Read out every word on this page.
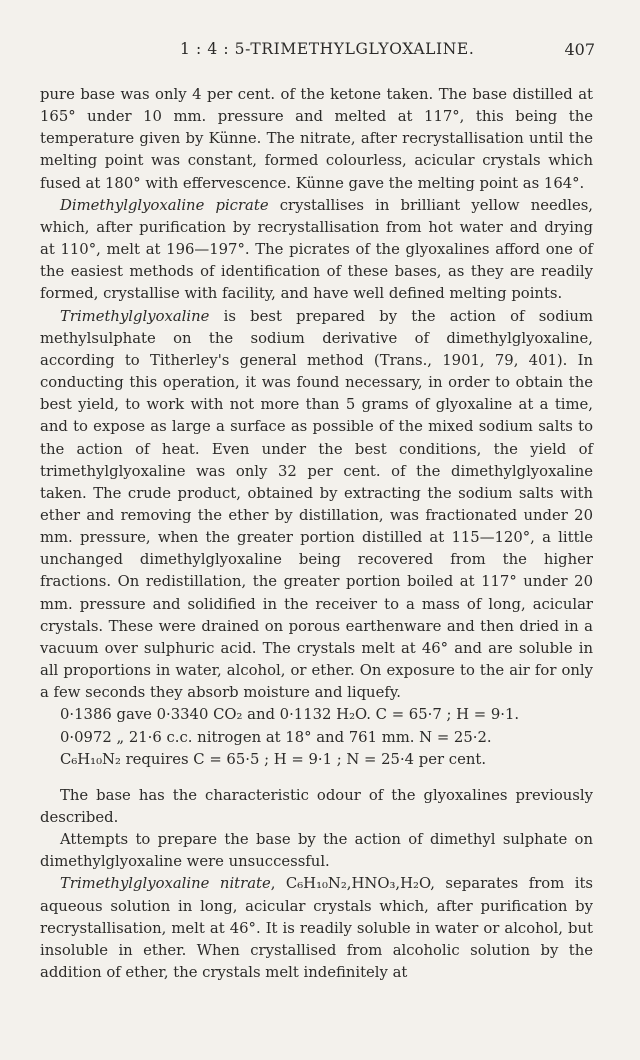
1 : 4 : 5-TRIMETHYLGLYOXALINE.	407

pure base was only 4 per cent. of the ketone taken. The base distilled at 165° under 10 mm. pressure and melted at 117°, this being the temperature given by Künne. The nitrate, after recrystallisation until the melting point was constant, formed colourless, acicular crystals which fused at 180° with effervescence. Künne gave the melting point as 164°.

Dimethylglyoxaline picrate crystallises in brilliant yellow needles, which, after purification by recrystallisation from hot water and drying at 110°, melt at 196—197°. The picrates of the glyoxalines afford one of the easiest methods of identification of these bases, as they are readily formed, crystallise with facility, and have well defined melting points.

Trimethylglyoxaline is best prepared by the action of sodium methylsulphate on the sodium derivative of dimethylglyoxaline, according to Titherley's general method (Trans., 1901, 79, 401). In conducting this operation, it was found necessary, in order to obtain the best yield, to work with not more than 5 grams of glyoxaline at a time, and to expose as large a surface as possible of the mixed sodium salts to the action of heat. Even under the best conditions, the yield of trimethylglyoxaline was only 32 per cent. of the dimethylglyoxaline taken. The crude product, obtained by extracting the sodium salts with ether and removing the ether by distillation, was fractionated under 20 mm. pressure, when the greater portion distilled at 115—120°, a little unchanged dimethylglyoxaline being recovered from the higher fractions. On redistillation, the greater portion boiled at 117° under 20 mm. pressure and solidified in the receiver to a mass of long, acicular crystals. These were drained on porous earthenware and then dried in a vacuum over sulphuric acid. The crystals melt at 46° and are soluble in all proportions in water, alcohol, or ether. On exposure to the air for only a few seconds they absorb moisture and liquefy.

0·1386 gave 0·3340 CO₂ and 0·1132 H₂O. C = 65·7 ; H = 9·1.

0·0972 „ 21·6 c.c. nitrogen at 18° and 761 mm. N = 25·2.

C₆H₁₀N₂ requires C = 65·5 ; H = 9·1 ; N = 25·4 per cent.

The base has the characteristic odour of the glyoxalines previously described.

Attempts to prepare the base by the action of dimethyl sulphate on dimethylglyoxaline were unsuccessful.

Trimethylglyoxaline nitrate, C₆H₁₀N₂,HNO₃,H₂O, separates from its aqueous solution in long, acicular crystals which, after purification by recrystallisation, melt at 46°. It is readily soluble in water or alcohol, but insoluble in ether. When crystallised from alcoholic solution by the addition of ether, the crystals melt indefinitely at
